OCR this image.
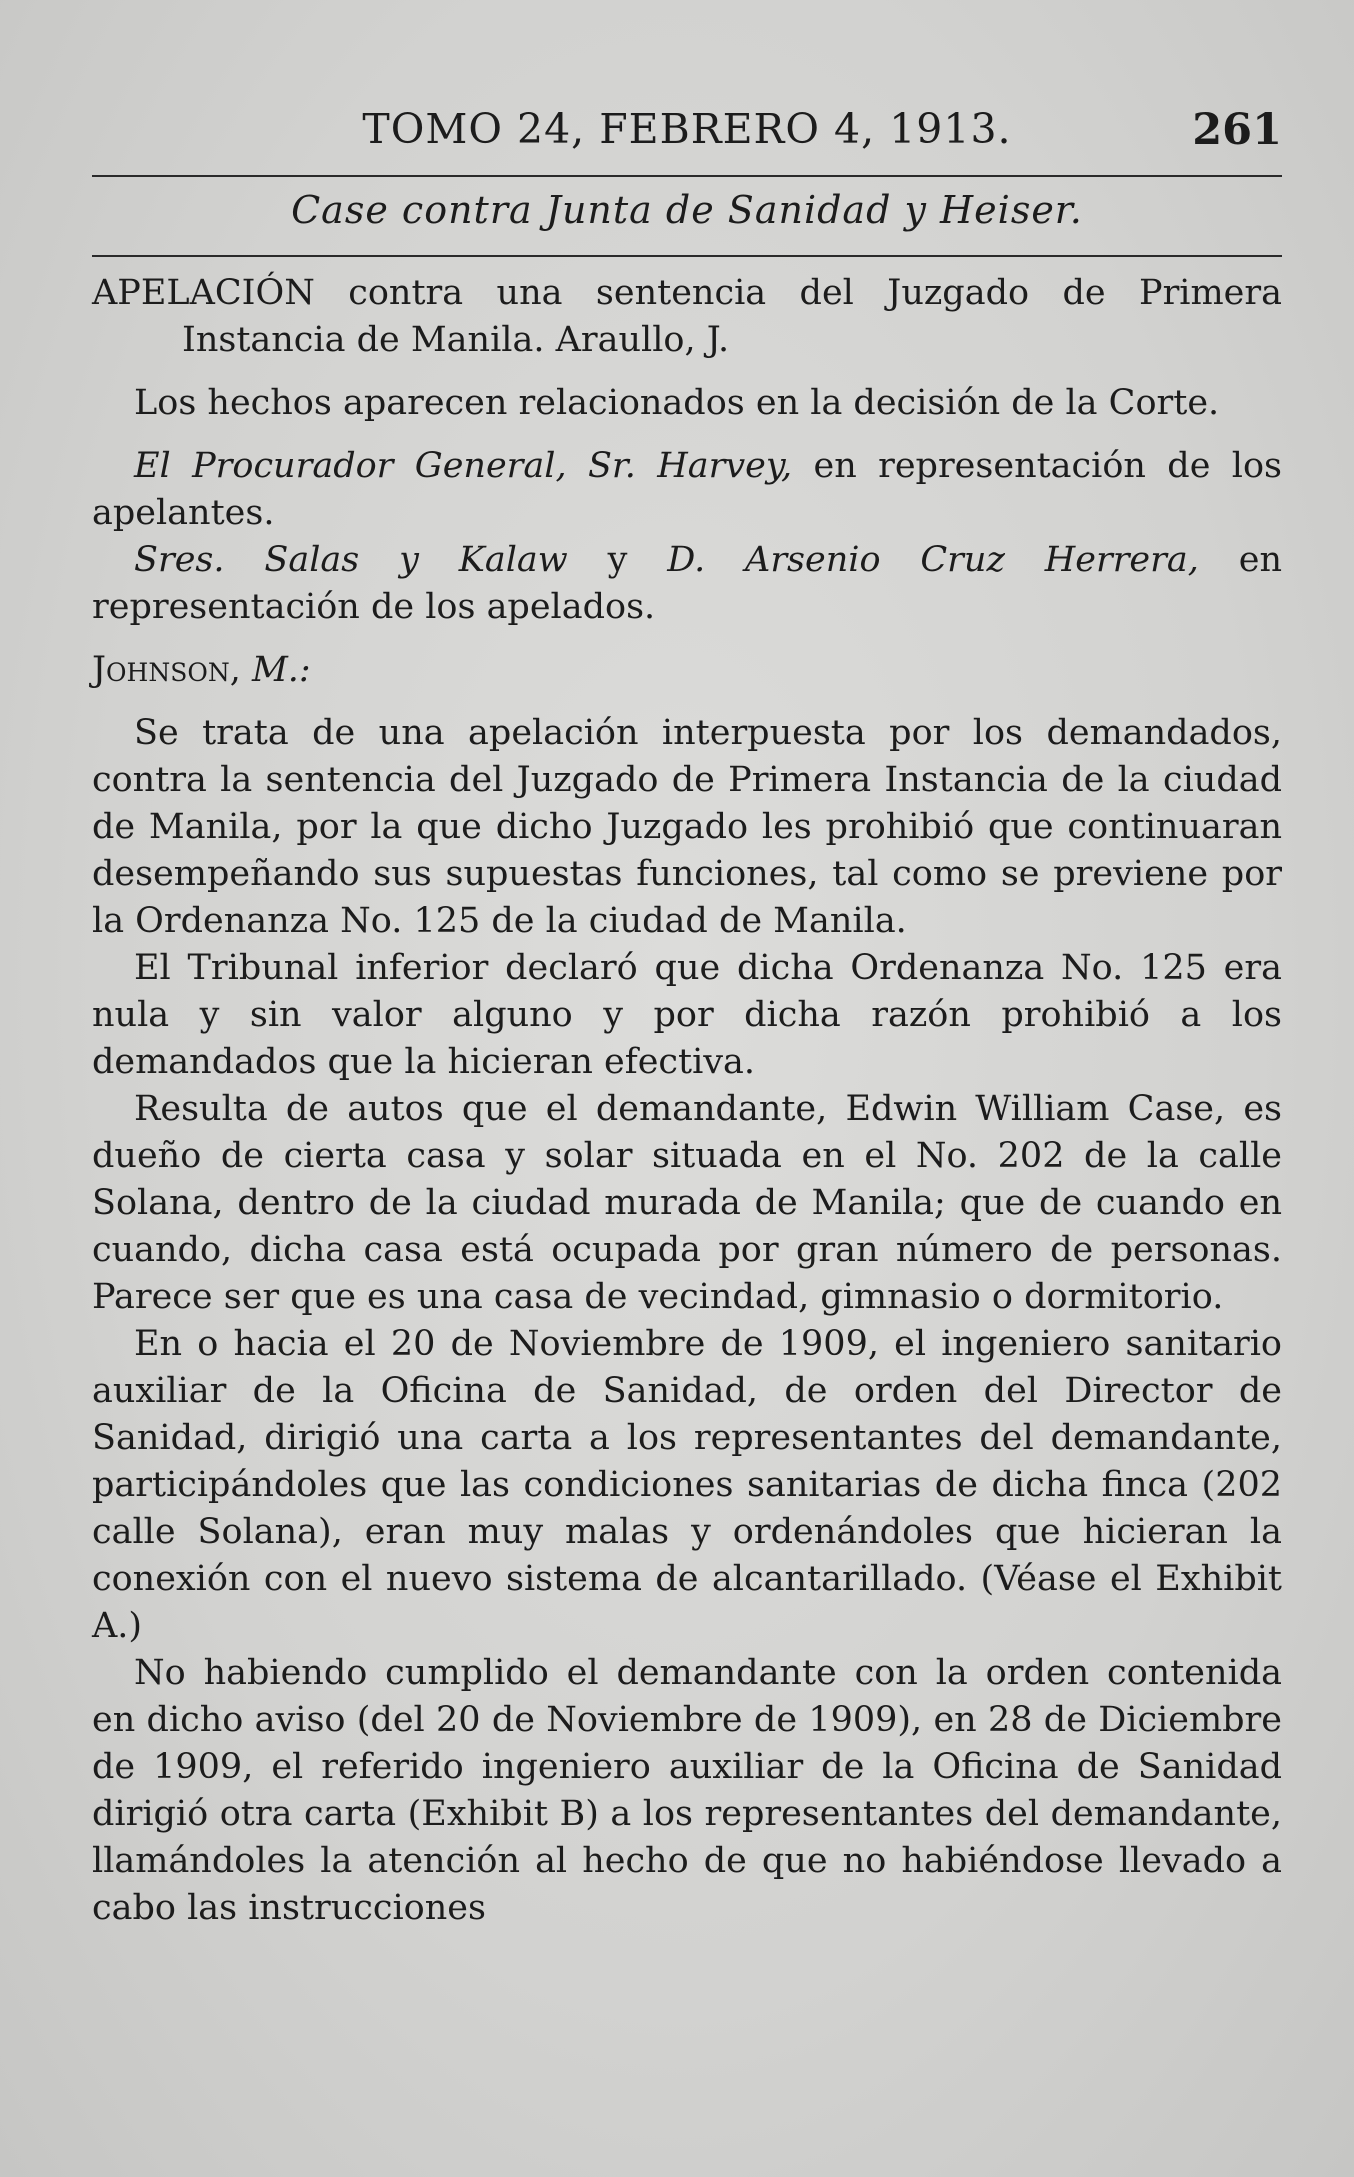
TOMO 24, FEBRERO 4, 1913.	261
Case contra Junta de Sanidad y Heiser.

APELACIÓN contra una sentencia del Juzgado de Primera Instancia de Manila. Araullo, J.

Los hechos aparecen relacionados en la decisión de la Corte.

El Procurador General, Sr. Harvey, en representación de los apelantes.

Sres. Salas y Kalaw y D. Arsenio Cruz Herrera, en representación de los apelados.

Johnson, M.:

Se trata de una apelación interpuesta por los demandados, contra la sentencia del Juzgado de Primera Instancia de la ciudad de Manila, por la que dicho Juzgado les prohibió que continuaran desempeñando sus supuestas funciones, tal como se previene por la Ordenanza No. 125 de la ciudad de Manila.

El Tribunal inferior declaró que dicha Ordenanza No. 125 era nula y sin valor alguno y por dicha razón prohibió a los demandados que la hicieran efectiva.

Resulta de autos que el demandante, Edwin William Case, es dueño de cierta casa y solar situada en el No. 202 de la calle Solana, dentro de la ciudad murada de Manila; que de cuando en cuando, dicha casa está ocupada por gran número de personas. Parece ser que es una casa de vecindad, gimnasio o dormitorio.

En o hacia el 20 de Noviembre de 1909, el ingeniero sanitario auxiliar de la Oficina de Sanidad, de orden del Director de Sanidad, dirigió una carta a los representantes del demandante, participándoles que las condiciones sanitarias de dicha finca (202 calle Solana), eran muy malas y ordenándoles que hicieran la conexión con el nuevo sistema de alcantarillado. (Véase el Exhibit A.)

No habiendo cumplido el demandante con la orden contenida en dicho aviso (del 20 de Noviembre de 1909), en 28 de Diciembre de 1909, el referido ingeniero auxiliar de la Oficina de Sanidad dirigió otra carta (Exhibit B) a los representantes del demandante, llamándoles la atención al hecho de que no habiéndose llevado a cabo las instrucciones
